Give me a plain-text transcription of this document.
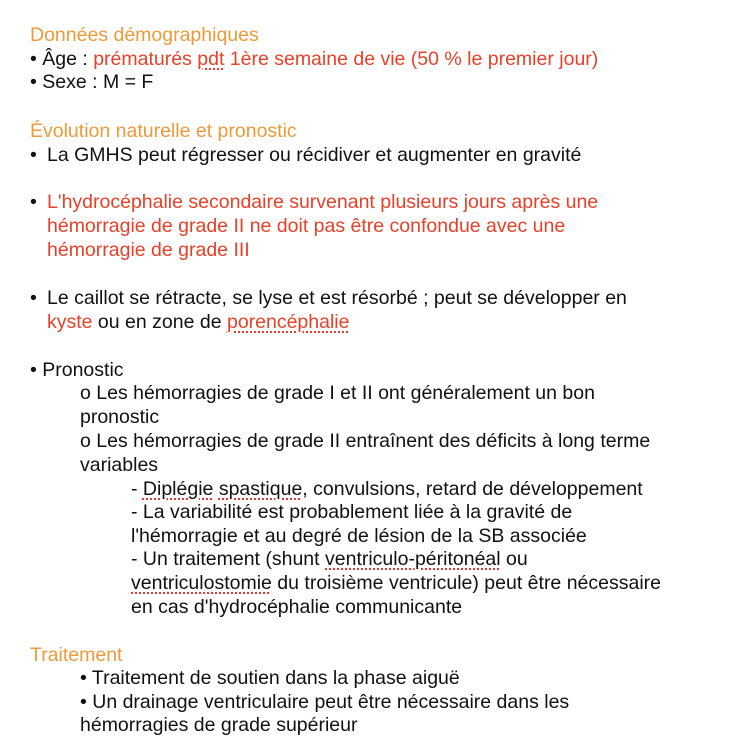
Données démographiques
• Âge : prématurés pdt 1ère semaine de vie (50 % le premier jour)
• Sexe : M = F
Évolution naturelle et pronostic
• La GMHS peut régresser ou récidiver et augmenter en gravité
• L'hydrocéphalie secondaire survenant plusieurs jours après une
hémorragie de grade II ne doit pas être confondue avec une
hémorragie de grade III
• Le caillot se rétracte, se lyse et est résorbé ; peut se développer en
kyste ou en zone de porencéphalie
• Pronostic
o Les hémorragies de grade I et II ont généralement un bon
pronostic
o Les hémorragies de grade II entraînent des déficits à long terme
variables
- Diplégie spastique, convulsions, retard de développement
- La variabilité est probablement liée à la gravité de
l'hémorragie et au degré de lésion de la SB associée
- Un traitement (shunt ventriculo-péritonéal ou
ventriculostomie du troisième ventricule) peut être nécessaire
en cas d'hydrocéphalie communicante
Traitement
• Traitement de soutien dans la phase aiguë
• Un drainage ventriculaire peut être nécessaire dans les
hémorragies de grade supérieur
